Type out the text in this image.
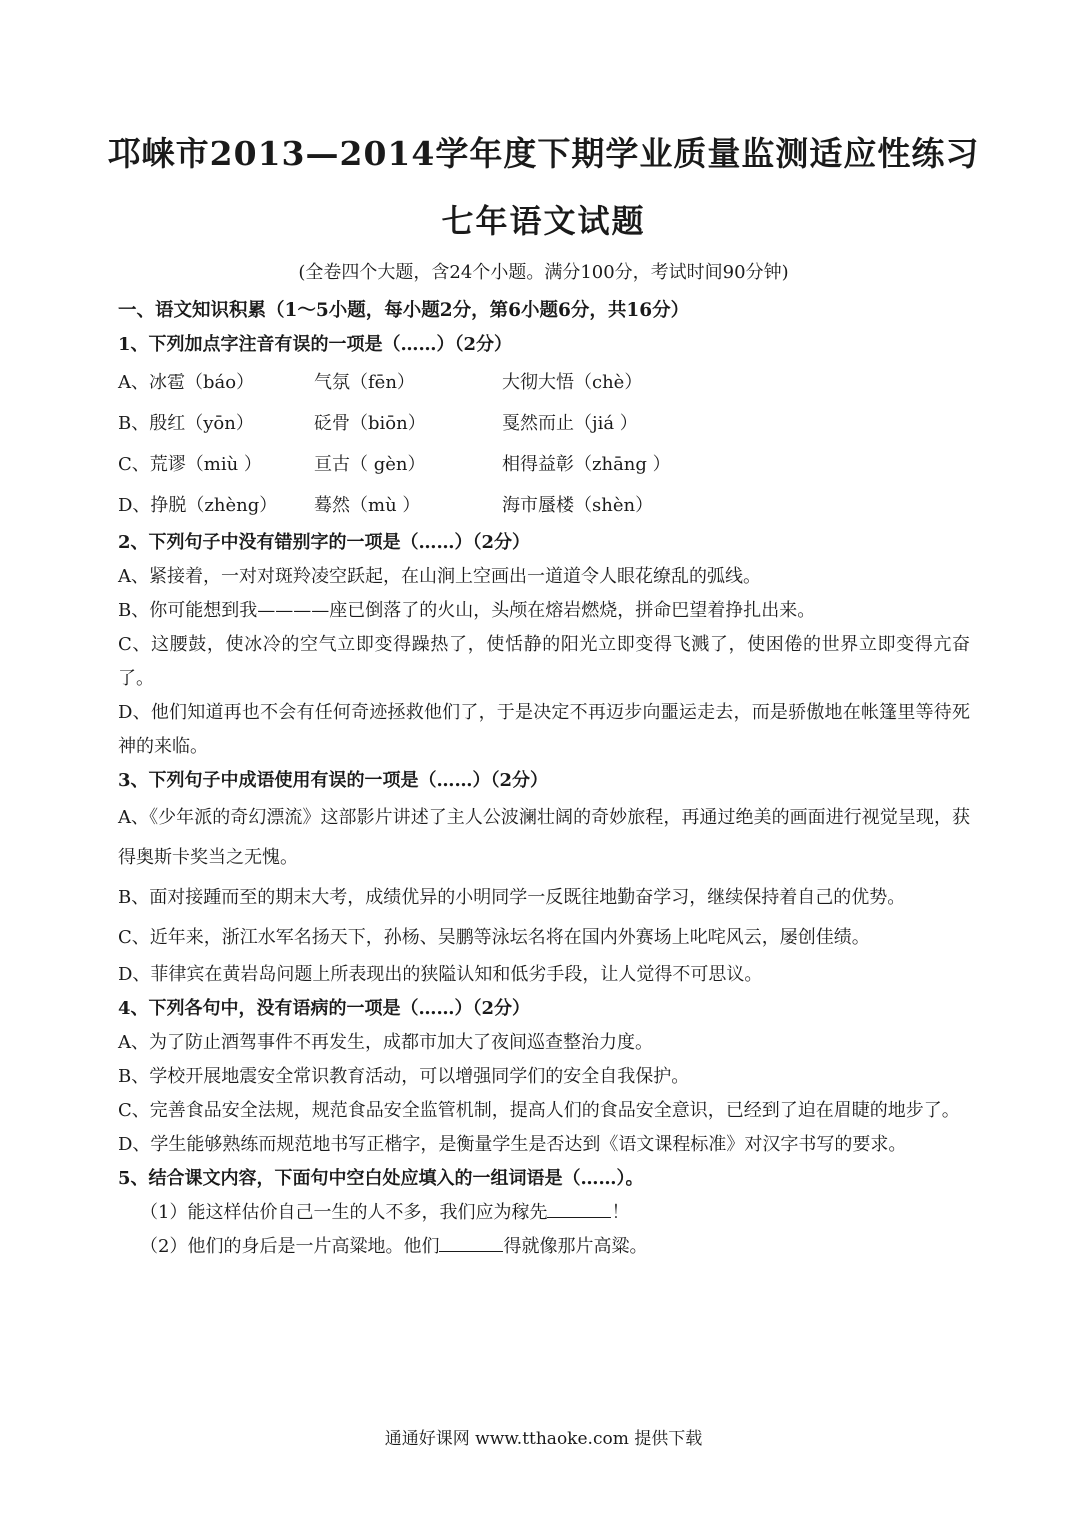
邛崃市2013—2014学年度下期学业质量监测适应性练习
七年语文试题
(全卷四个大题，含24个小题。满分100分，考试时间90分钟)
一、语文知识积累（1～5小题，每小题2分，第6小题6分，共16分）
1、下列加点字注音有误的一项是（……）（2分）
A、冰雹（báo）	气氛（fēn）	大彻大悟（chè）
B、殷红（yōn）	砭骨（biōn）	戛然而止（jiá ）
C、荒谬（miù ）	亘古（ gèn）	相得益彰（zhāng ）
D、挣脱（zhèng） 蓦然（mù ）	海市蜃楼（shèn）
2、下列句子中没有错别字的一项是（……）（2分）
A、紧接着，一对对斑羚凌空跃起，在山涧上空画出一道道令人眼花缭乱的弧线。
B、你可能想到我————座已倒落了的火山，头颅在熔岩燃烧，拼命巴望着挣扎出来。
C、这腰鼓，使冰冷的空气立即变得躁热了，使恬静的阳光立即变得飞溅了，使困倦的世界立即变得亢奋了。
D、他们知道再也不会有任何奇迹拯救他们了，于是决定不再迈步向噩运走去，而是骄傲地在帐篷里等待死神的来临。
3、下列句子中成语使用有误的一项是（……）（2分）
A、《少年派的奇幻漂流》这部影片讲述了主人公波澜壮阔的奇妙旅程，再通过绝美的画面进行视觉呈现，获得奥斯卡奖当之无愧。
B、面对接踵而至的期末大考，成绩优异的小明同学一反既往地勤奋学习，继续保持着自己的优势。
C、近年来，浙江水军名扬天下，孙杨、吴鹏等泳坛名将在国内外赛场上叱咤风云，屡创佳绩。
D、菲律宾在黄岩岛问题上所表现出的狭隘认知和低劣手段，让人觉得不可思议。
4、下列各句中，没有语病的一项是（……）（2分）
A、为了防止酒驾事件不再发生，成都市加大了夜间巡查整治力度。
B、学校开展地震安全常识教育活动，可以增强同学们的安全自我保护。
C、完善食品安全法规，规范食品安全监管机制，提高人们的食品安全意识，已经到了迫在眉睫的地步了。
D、学生能够熟练而规范地书写正楷字，是衡量学生是否达到《语文课程标准》对汉字书写的要求。
5、结合课文内容，下面句中空白处应填入的一组词语是（……）。
（1）能这样估价自己一生的人不多，我们应为稼先	！
（2）他们的身后是一片高粱地。他们	得就像那片高粱。
通通好课网 www.tthaoke.com 提供下载
